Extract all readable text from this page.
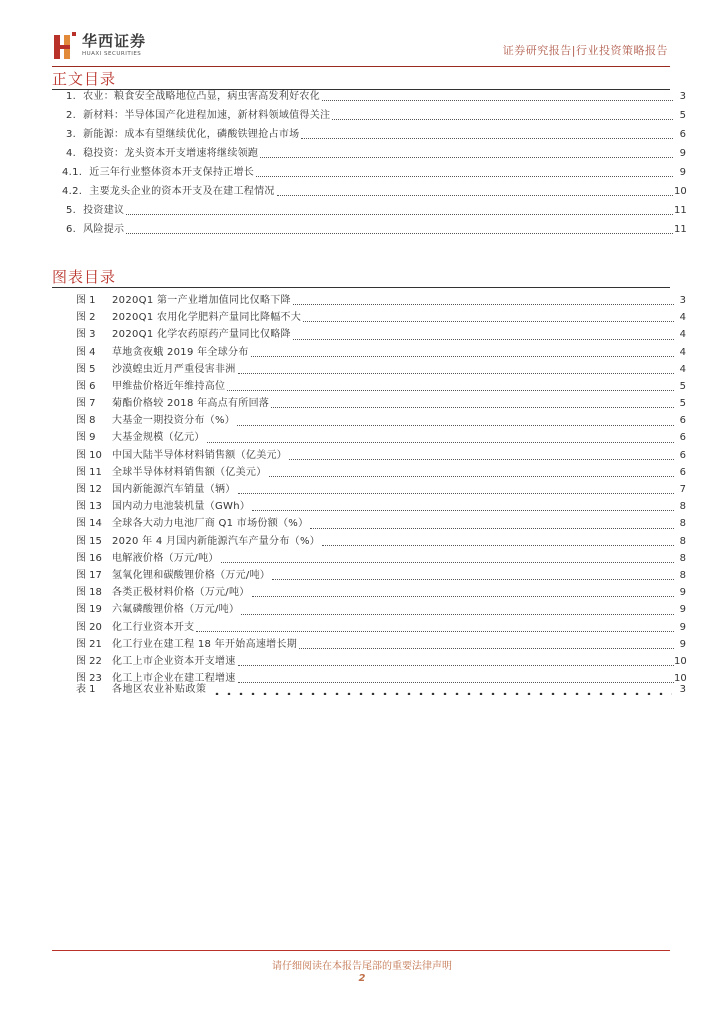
华西证券
HUAXI SECURITIES	证券研究报告|行业投资策略报告
正文目录
1. 农业：粮食安全战略地位凸显，病虫害高发利好农化	3
2. 新材料：半导体国产化进程加速，新材料领域值得关注	5
3. 新能源：成本有望继续优化，磷酸铁锂抢占市场	6
4. 稳投资：龙头资本开支增速将继续领跑	9
4.1. 近三年行业整体资本开支保持正增长	9
4.2. 主要龙头企业的资本开支及在建工程情况	10
5. 投资建议	11
6. 风险提示	11
图表目录
图 1	2020Q1 第一产业增加值同比仅略下降	3
图 2	2020Q1 农用化学肥料产量同比降幅不大	4
图 3	2020Q1 化学农药原药产量同比仅略降	4
图 4	草地贪夜蛾 2019 年全球分布	4
图 5	沙漠蝗虫近月严重侵害非洲	4
图 6	甲维盐价格近年维持高位	5
图 7	菊酯价格较 2018 年高点有所回落	5
图 8	大基金一期投资分布（%）	6
图 9	大基金规模（亿元）	6
图 10	中国大陆半导体材料销售额（亿美元）	6
图 11	全球半导体材料销售额（亿美元）	6
图 12	国内新能源汽车销量（辆）	7
图 13	国内动力电池装机量（GWh）	8
图 14	全球各大动力电池厂商 Q1 市场份额（%）	8
图 15	2020 年 4 月国内新能源汽车产量分布（%）	8
图 16	电解液价格（万元/吨）	8
图 17	氢氧化锂和碳酸锂价格（万元/吨）	8
图 18	各类正极材料价格（万元/吨）	9
图 19	六氟磷酸锂价格（万元/吨）	9
图 20	化工行业资本开支	9
图 21	化工行业在建工程 18 年开始高速增长期	9
图 22	化工上市企业资本开支增速	10
图 23	化工上市企业在建工程增速	10
表 1	各地区农业补贴政策	3
请仔细阅读在本报告尾部的重要法律声明
2
